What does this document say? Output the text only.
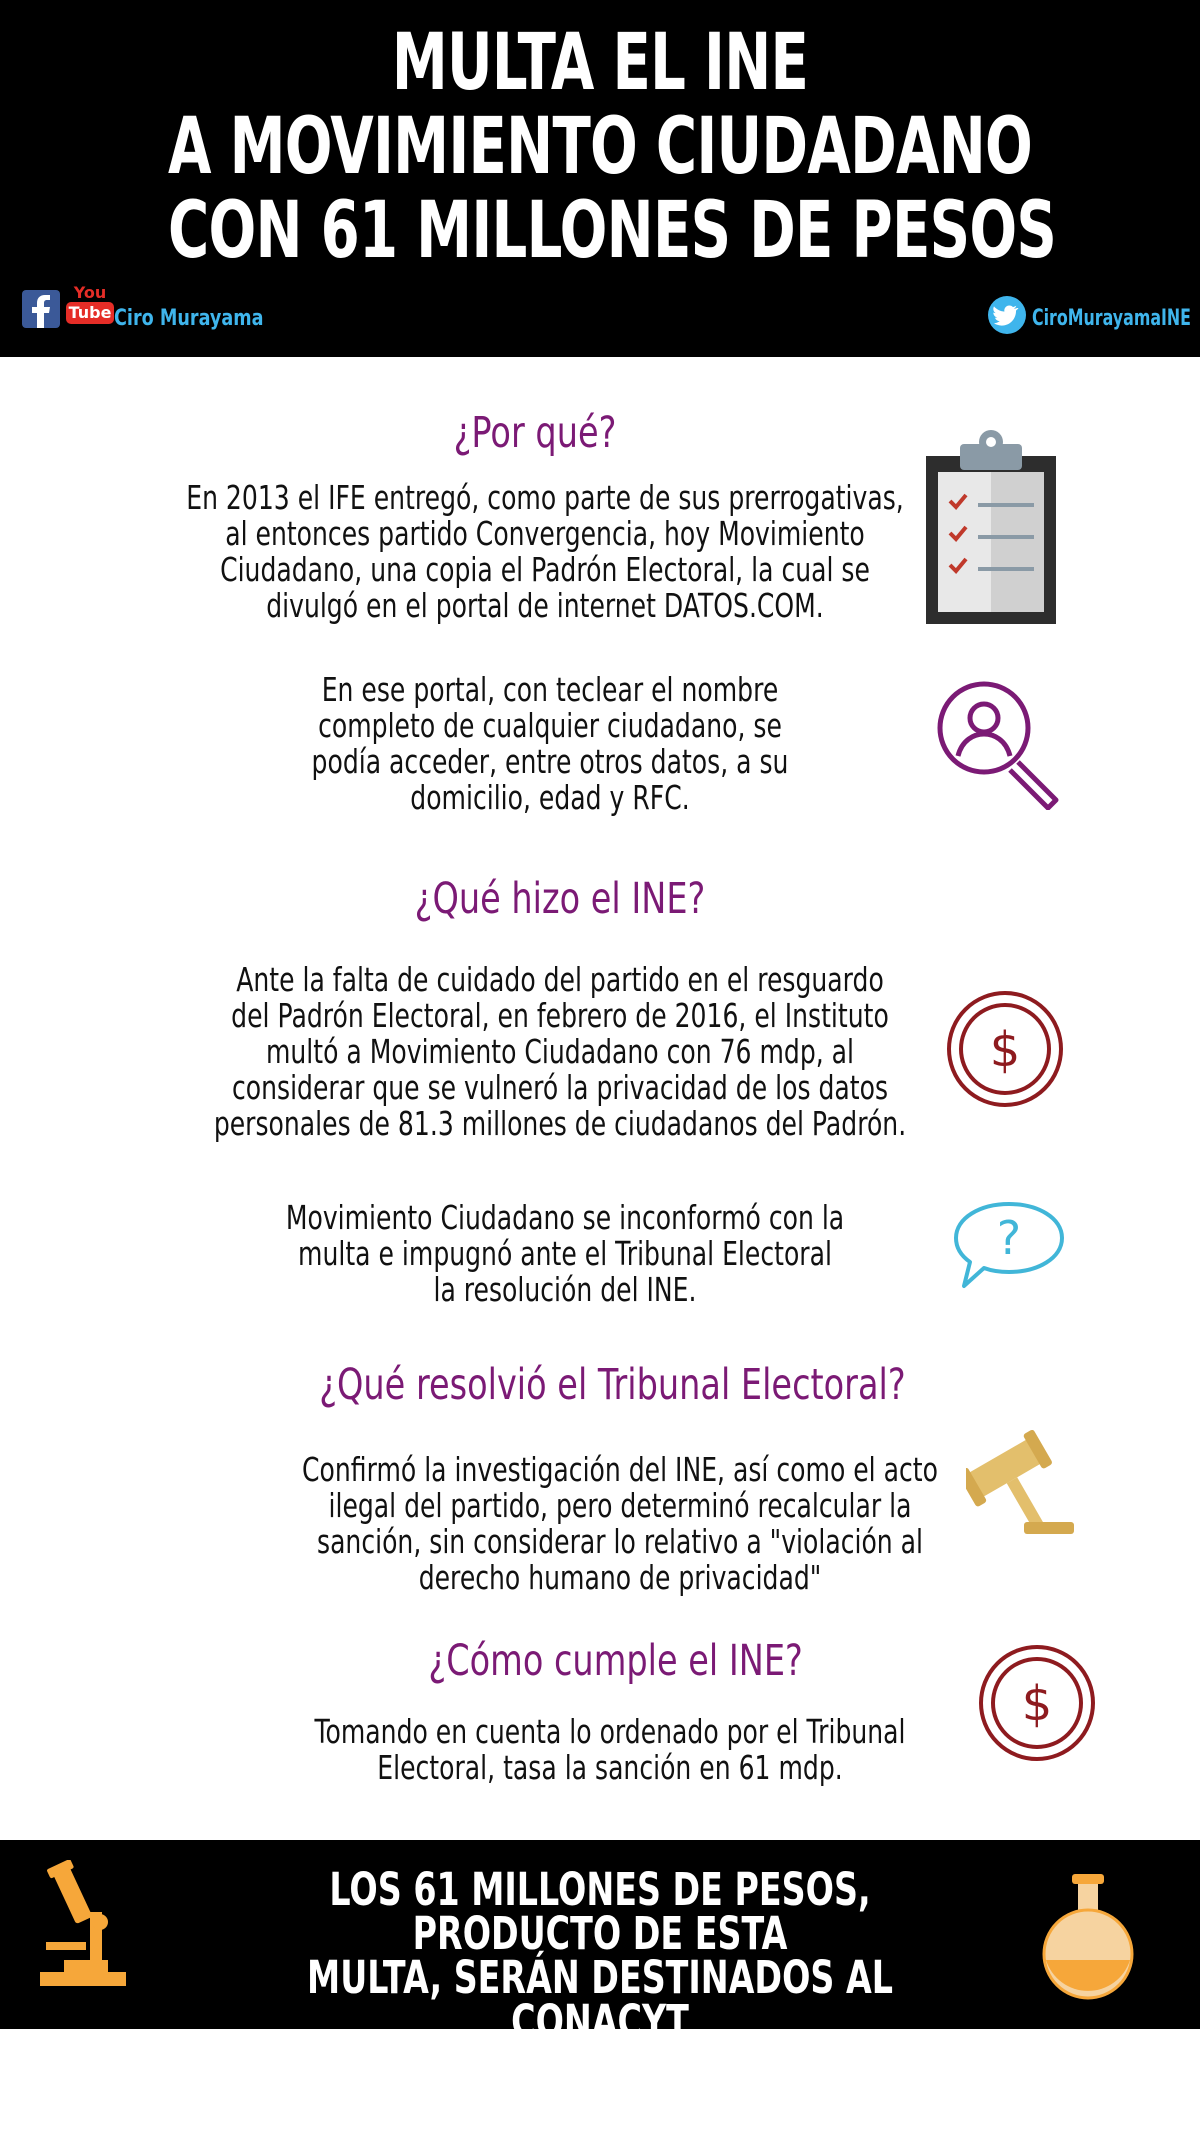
MULTA EL INE
A MOVIMIENTO CIUDADANO
CON 61 MILLONES DE PESOS
You
Tube Ciro Murayama	CiroMurayamaINE
¿Por qué?
En 2013 el IFE entregó, como parte de sus prerrogativas,
al entonces partido Convergencia, hoy Movimiento
Ciudadano, una copia el Padrón Electoral, la cual se
divulgó en el portal de internet DATOS.COM.
En ese portal, con teclear el nombre
completo de cualquier ciudadano, se
podía acceder, entre otros datos, a su
domicilio, edad y RFC.
¿Qué hizo el INE?
Ante la falta de cuidado del partido en el resguardo
del Padrón Electoral, en febrero de 2016, el Instituto
multó a Movimiento Ciudadano con 76 mdp, al
considerar que se vulneró la privacidad de los datos
personales de 81.3 millones de ciudadanos del Padrón.
$
Movimiento Ciudadano se inconformó con la
multa e impugnó ante el Tribunal Electoral
la resolución del INE.
?
¿Qué resolvió el Tribunal Electoral?
Confirmó la investigación del INE, así como el acto
ilegal del partido, pero determinó recalcular la
sanción, sin considerar lo relativo a "violación al
derecho humano de privacidad"
¿Cómo cumple el INE?
Tomando en cuenta lo ordenado por el Tribunal
Electoral, tasa la sanción en 61 mdp.
$
LOS 61 MILLONES DE PESOS, PRODUCTO DE ESTA
MULTA, SERÁN DESTINADOS AL CONACYT
PARA SU INVERSIÓN EN CIENCIA Y TECNOLOGÍA.
